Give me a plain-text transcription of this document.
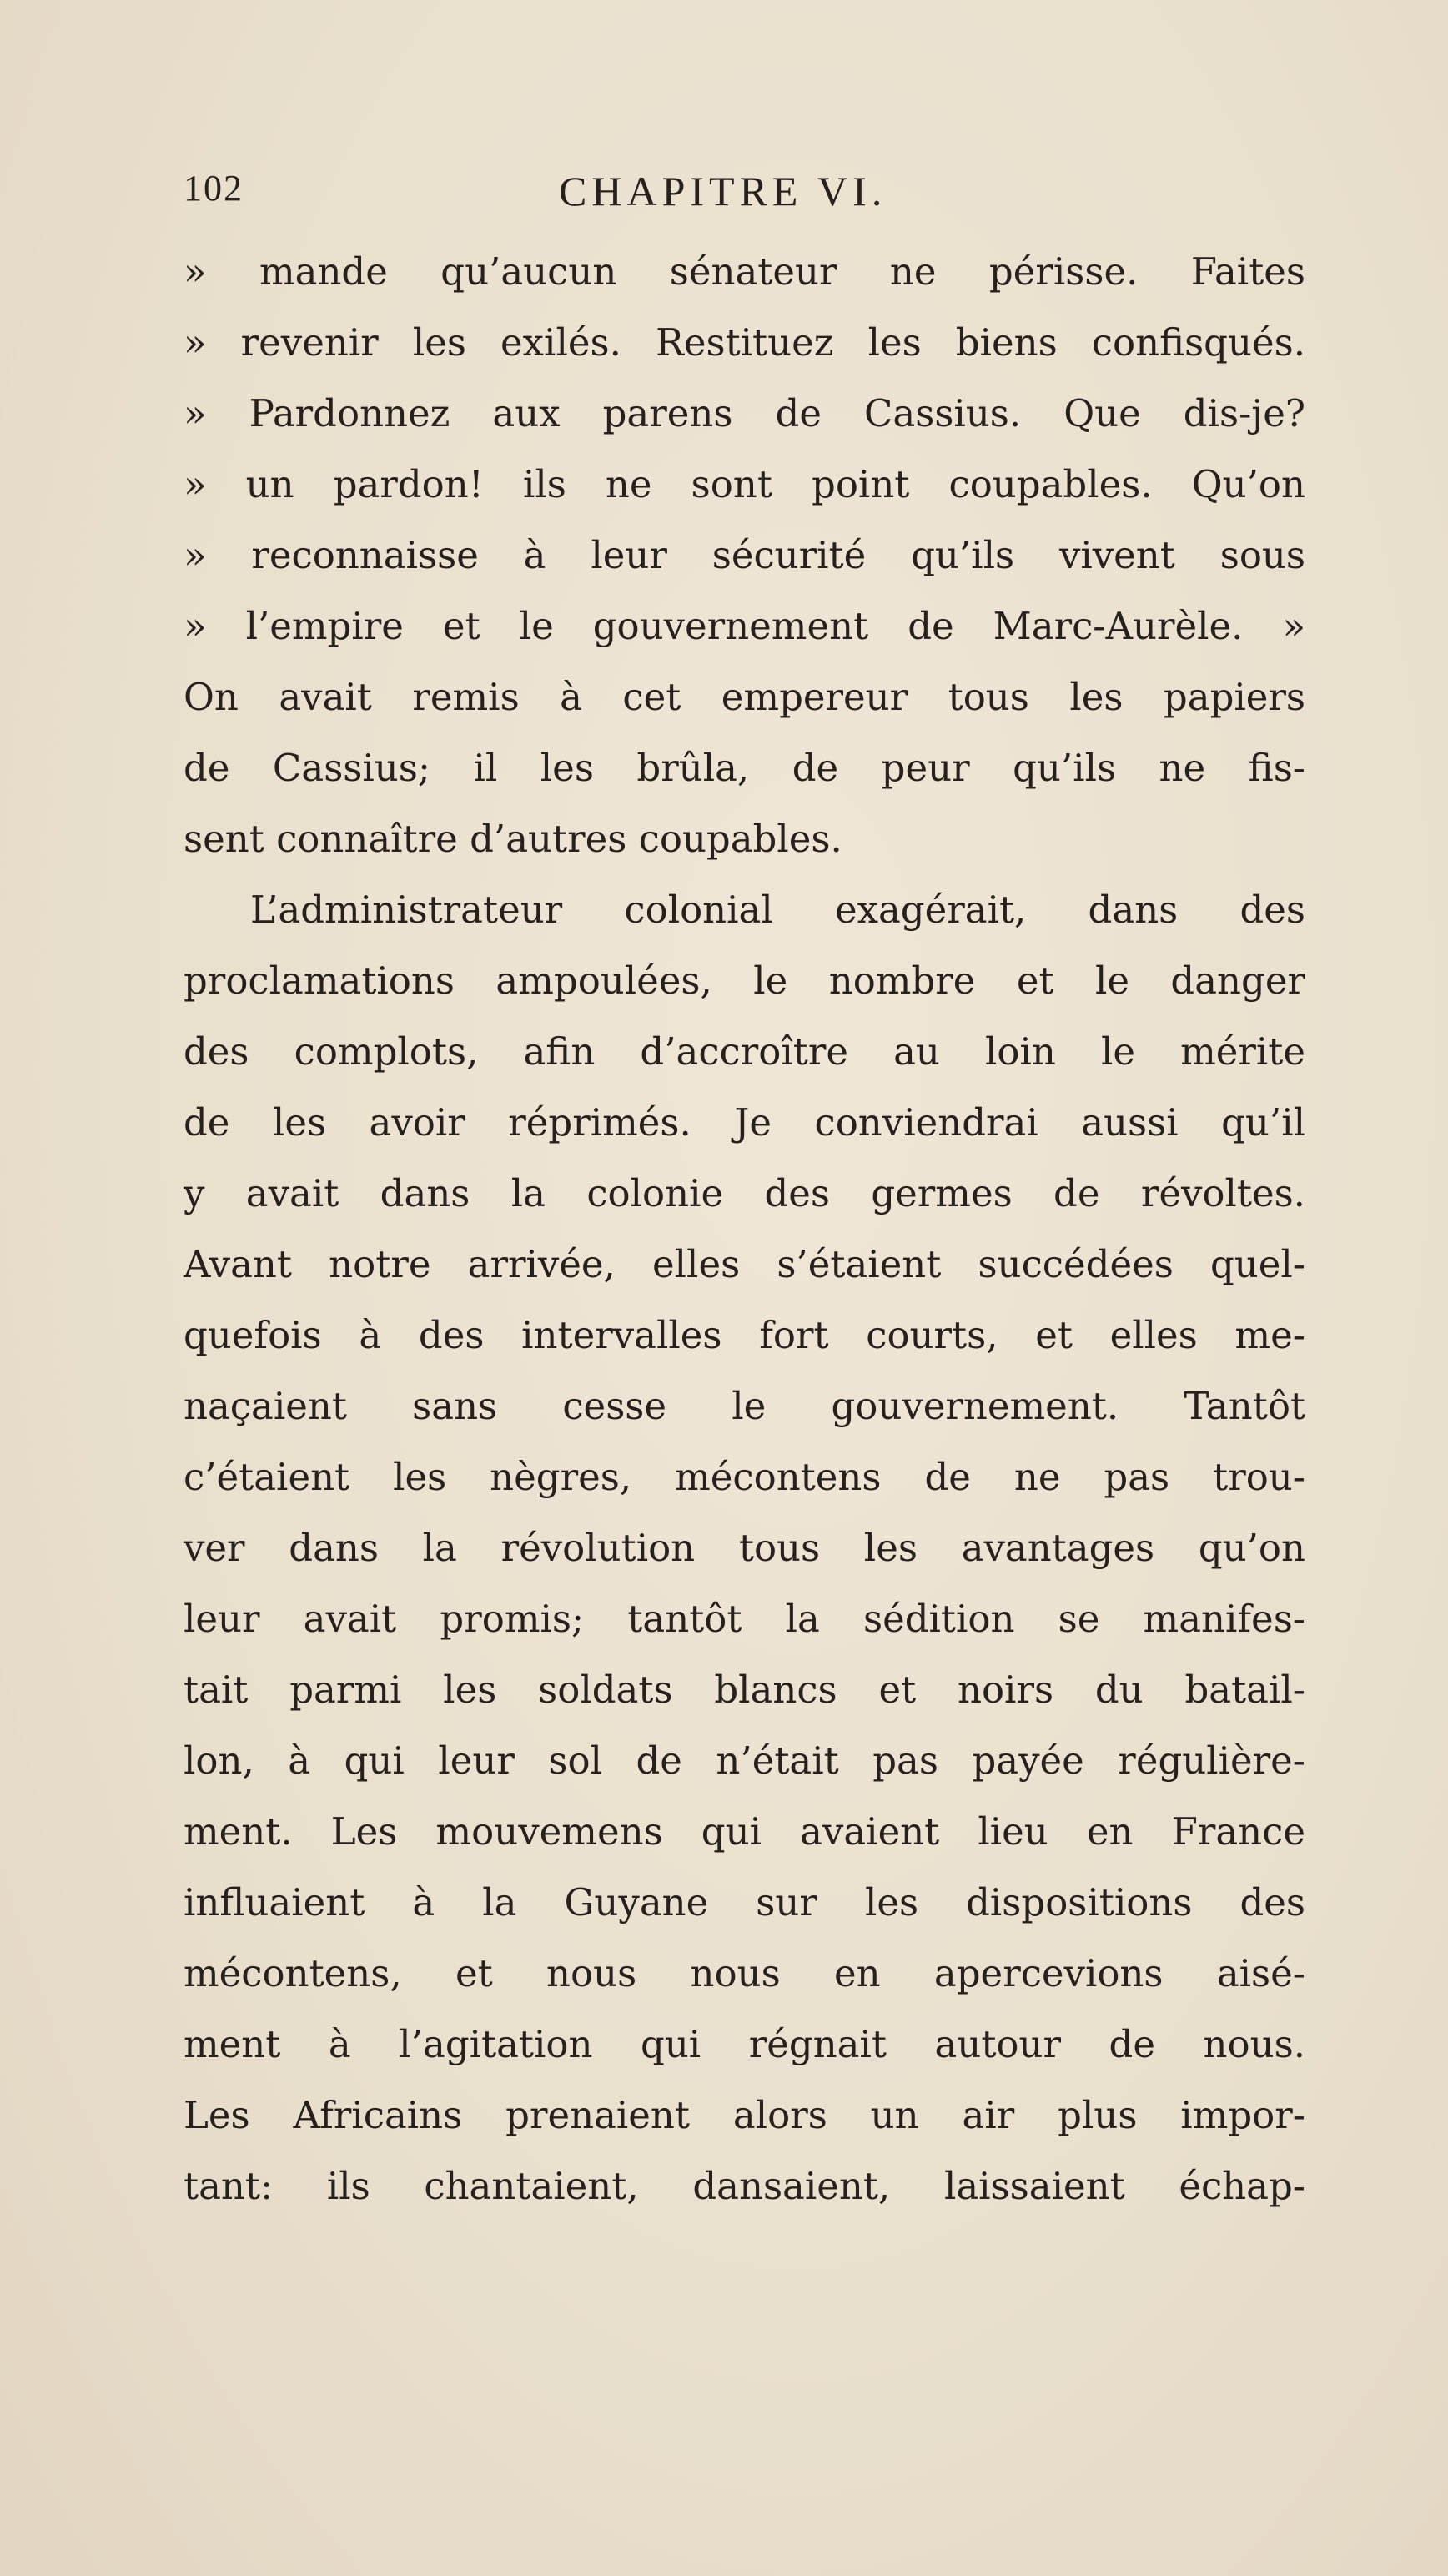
102	CHAPITRE VI.
» mande qu’aucun sénateur ne périsse. Faites
» revenir les exilés. Restituez les biens confisqués.
» Pardonnez aux parens de Cassius. Que dis-je?
» un pardon! ils ne sont point coupables. Qu’on
» reconnaisse à leur sécurité qu’ils vivent sous
» l’empire et le gouvernement de Marc-Aurèle. »
On avait remis à cet empereur tous les papiers
de Cassius; il les brûla, de peur qu’ils ne fis-
sent connaître d’autres coupables.
L’administrateur colonial exagérait, dans des
proclamations ampoulées, le nombre et le danger
des complots, afin d’accroître au loin le mérite
de les avoir réprimés. Je conviendrai aussi qu’il
y avait dans la colonie des germes de révoltes.
Avant notre arrivée, elles s’étaient succédées quel-
quefois à des intervalles fort courts, et elles me-
naçaient sans cesse le gouvernement. Tantôt
c’étaient les nègres, mécontens de ne pas trou-
ver dans la révolution tous les avantages qu’on
leur avait promis; tantôt la sédition se manifes-
tait parmi les soldats blancs et noirs du batail-
lon, à qui leur sol de n’était pas payée régulière-
ment. Les mouvemens qui avaient lieu en France
influaient à la Guyane sur les dispositions des
mécontens, et nous nous en apercevions aisé-
ment à l’agitation qui régnait autour de nous.
Les Africains prenaient alors un air plus impor-
tant: ils chantaient, dansaient, laissaient échap-
